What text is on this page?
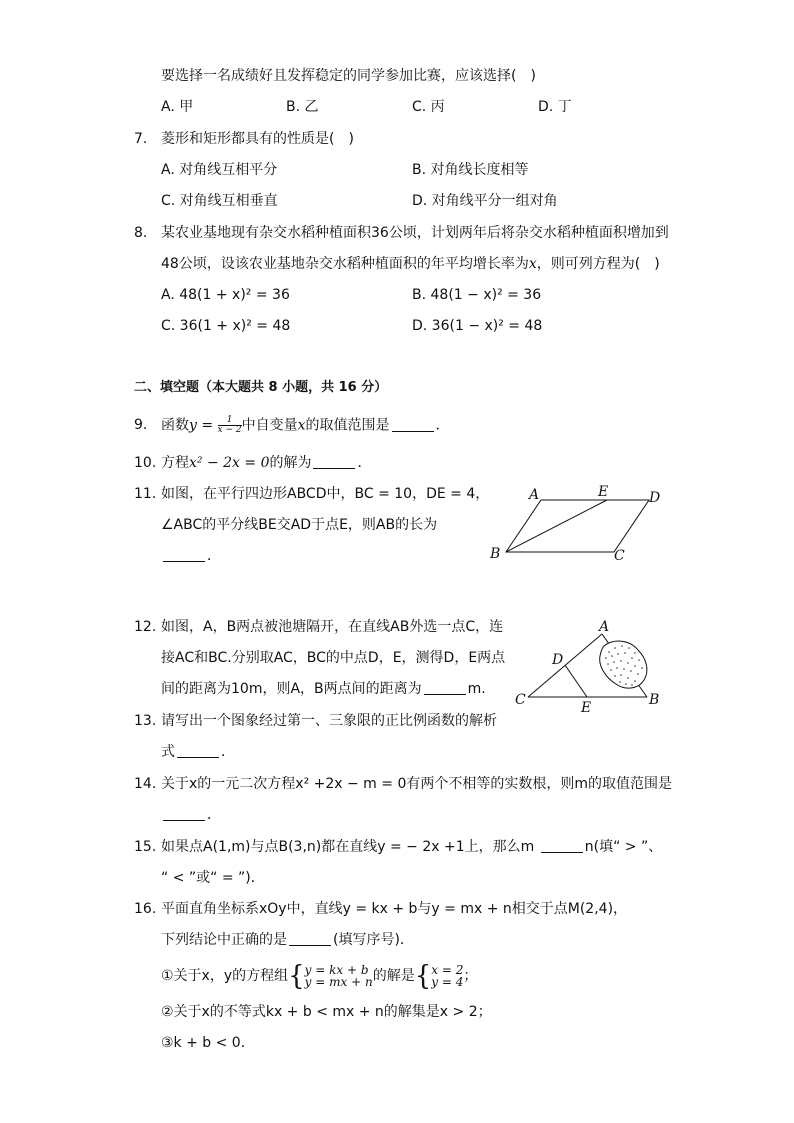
要选择一名成绩好且发挥稳定的同学参加比赛，应该选择(　)
A. 甲	B. 乙	C. 丙	D. 丁
7. 菱形和矩形都具有的性质是(　)
A. 对角线互相平分	B. 对角线长度相等
C. 对角线互相垂直	D. 对角线平分一组对角
8. 某农业基地现有杂交水稻种植面积36公顷，计划两年后将杂交水稻种植面积增加到
48公顷，设该农业基地杂交水稻种植面积的年平均增长率为x，则可列方程为(　)
A. 48(1 + x)² = 36	B. 48(1 − x)² = 36
C. 36(1 + x)² = 48	D. 36(1 − x)² = 48
二、填空题（本大题共 8 小题，共 16 分）
9. 函数$y = \frac{1}{x - 2}$ 中自变量x的取值范围是	．
10. 方程x² − 2x = 0的解为	．
11. 如图，在平行四边形ABCD中，BC = 10，DE = 4，
∠ABC的平分线BE交AD于点E，则AB的长为
．
A	E	D
B	C
12. 如图，A，B两点被池塘隔开，在直线AB外选一点C，连
接AC和BC.分别取AC，BC的中点D，E，测得D，E两点
间的距离为10m，则A，B两点间的距离为	m.
A
D
C	E	B
13. 请写出一个图象经过第一、三象限的正比例函数的解析
式	．
14. 关于x的一元二次方程x² +2x − m = 0有两个不相等的实数根，则m的取值范围是
．
15. 如果点A(1,m)与点B(3,n)都在直线y = − 2x +1上，那么m	n(填“ > ”、
“ < ”或“ = ”)．
16. 平面直角坐标系xOy中，直线y = kx + b与y = mx + n相交于点M(2,4)，
下列结论中正确的是	(填写序号)．
①关于x，y的方程组{ y = kx + b
y = mx + n 的解是{ x = 2
y = 4 ；
②关于x的不等式kx + b < mx + n的解集是x > 2；
③k + b < 0．
